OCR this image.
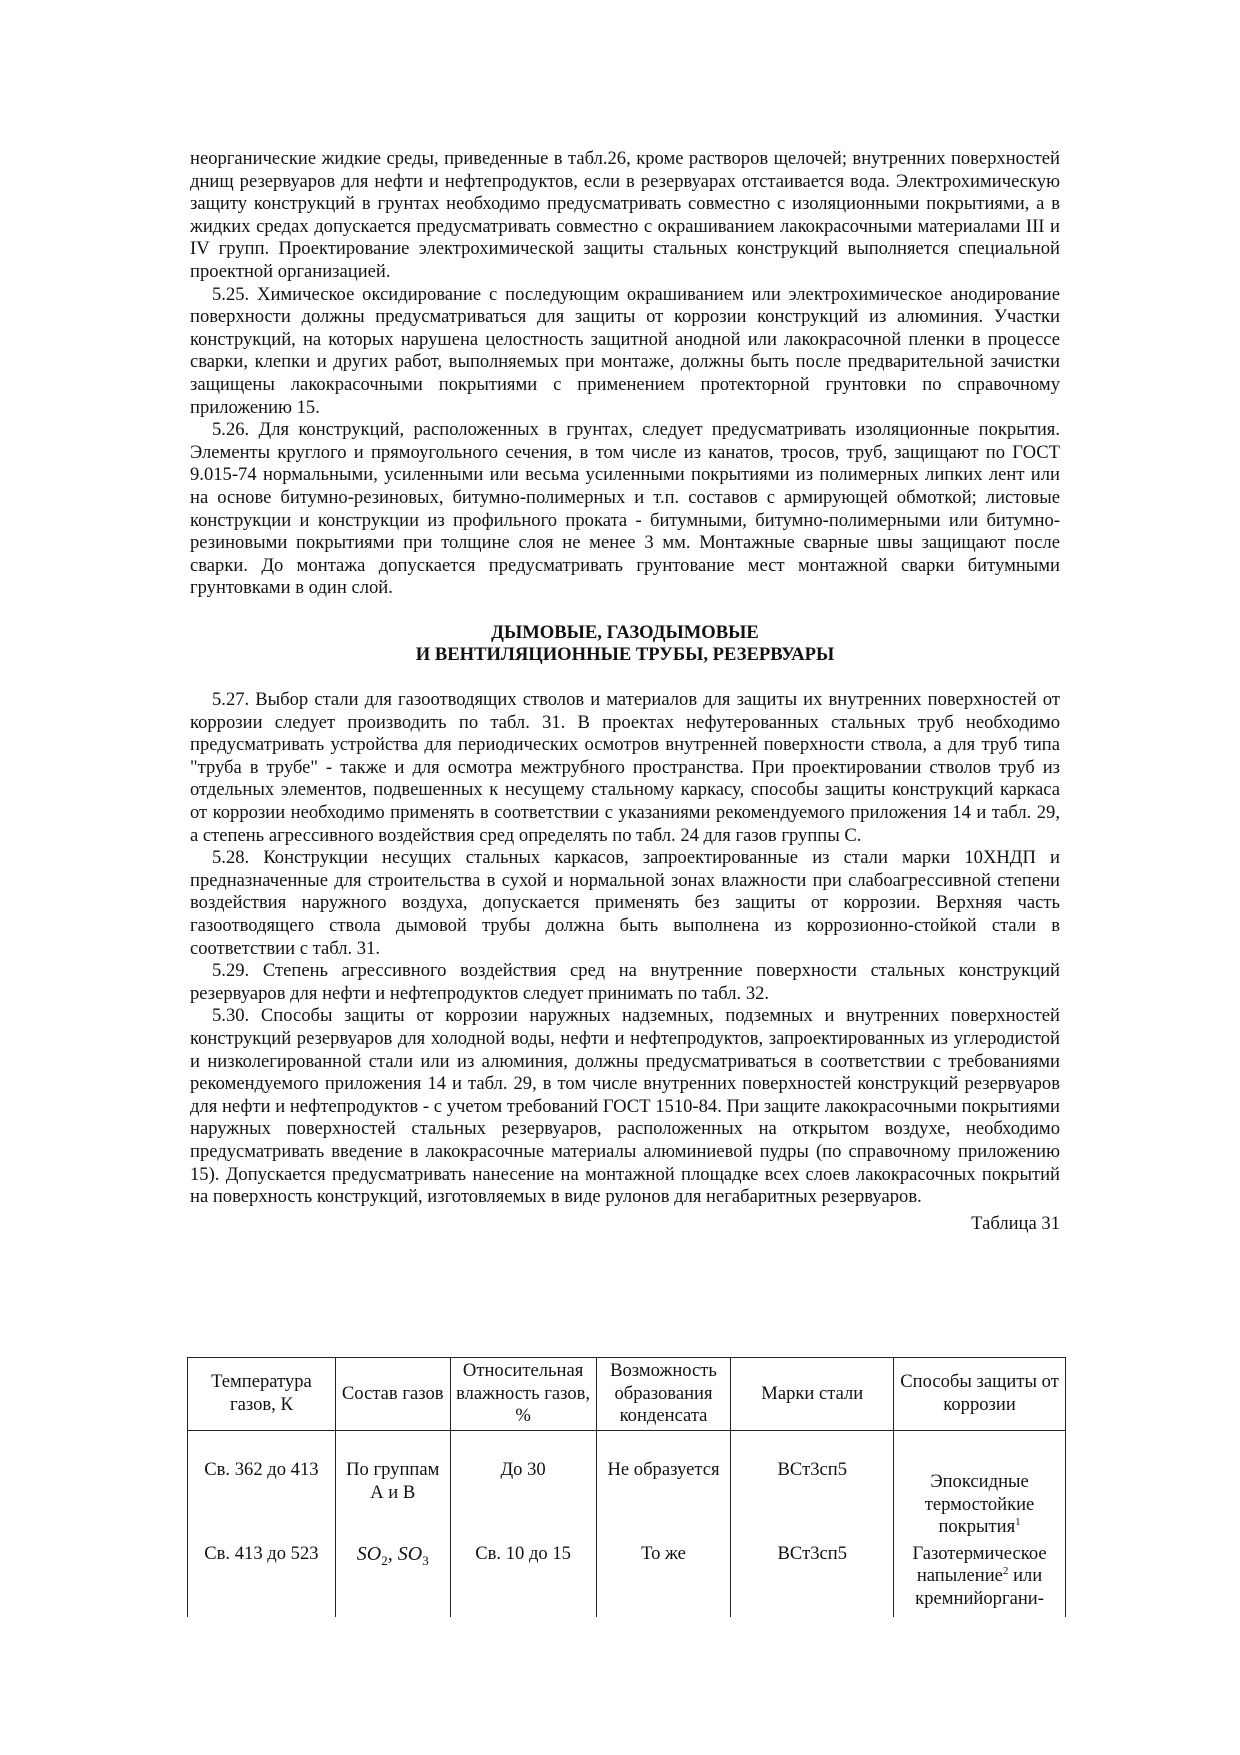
неорганические жидкие среды, приведенные в табл.26, кроме растворов щелочей; внутренних поверхностей днищ резервуаров для нефти и нефтепродуктов, если в резервуарах отстаивается вода. Электрохимическую защиту конструкций в грунтах необходимо предусматривать совместно с изоляционными покрытиями, а в жидких средах допускается предусматривать совместно с окрашиванием лакокрасочными материалами III и IV групп. Проектирование электрохимической защиты стальных конструкций выполняется специальной проектной организацией.

5.25. Химическое оксидирование с последующим окрашиванием или электрохимическое анодирование поверхности должны предусматриваться для защиты от коррозии конструкций из алюминия. Участки конструкций, на которых нарушена целостность защитной анодной или лакокрасочной пленки в процессе сварки, клепки и других работ, выполняемых при монтаже, должны быть после предварительной зачистки защищены лакокрасочными покрытиями с применением протекторной грунтовки по справочному приложению 15.

5.26. Для конструкций, расположенных в грунтах, следует предусматривать изоляционные покрытия. Элементы круглого и прямоугольного сечения, в том числе из канатов, тросов, труб, защищают по ГОСТ 9.015-74 нормальными, усиленными или весьма усиленными покрытиями из полимерных липких лент или на основе битумно-резиновых, битумно-полимерных и т.п. составов с армирующей обмоткой; листовые конструкции и конструкции из профильного проката - битумными, битумно-полимерными или битумно-резиновыми покрытиями при толщине слоя не менее 3 мм. Монтажные сварные швы защищают после сварки. До монтажа допускается предусматривать грунтование мест монтажной сварки битумными грунтовками в один слой.

ДЫМОВЫЕ, ГАЗОДЫМОВЫЕ
И ВЕНТИЛЯЦИОННЫЕ ТРУБЫ, РЕЗЕРВУАРЫ

5.27. Выбор стали для газоотводящих стволов и материалов для защиты их внутренних поверхностей от коррозии следует производить по табл. 31. В проектах нефутерованных стальных труб необходимо предусматривать устройства для периодических осмотров внутренней поверхности ствола, а для труб типа "труба в трубе" - также и для осмотра межтрубного пространства. При проектировании стволов труб из отдельных элементов, подвешенных к несущему стальному каркасу, способы защиты конструкций каркаса от коррозии необходимо применять в соответствии с указаниями рекомендуемого приложения 14 и табл. 29, а степень агрессивного воздействия сред определять по табл. 24 для газов группы С.

5.28. Конструкции несущих стальных каркасов, запроектированные из стали марки 10ХНДП и предназначенные для строительства в сухой и нормальной зонах влажности при слабоагрессивной степени воздействия наружного воздуха, допускается применять без защиты от коррозии. Верхняя часть газоотводящего ствола дымовой трубы должна быть выполнена из коррозионно-стойкой стали в соответствии с табл. 31.

5.29. Степень агрессивного воздействия сред на внутренние поверхности стальных конструкций резервуаров для нефти и нефтепродуктов следует принимать по табл. 32.

5.30. Способы защиты от коррозии наружных надземных, подземных и внутренних поверхностей конструкций резервуаров для холодной воды, нефти и нефтепродуктов, запроектированных из углеродистой и низколегированной стали или из алюминия, должны предусматриваться в соответствии с требованиями рекомендуемого приложения 14 и табл. 29, в том числе внутренних поверхностей конструкций резервуаров для нефти и нефтепродуктов - с учетом требований ГОСТ 1510-84. При защите лакокрасочными покрытиями наружных поверхностей стальных резервуаров, расположенных на открытом воздухе, необходимо предусматривать введение в лакокрасочные материалы алюминиевой пудры (по справочному приложению 15). Допускается предусматривать нанесение на монтажной площадке всех слоев лакокрасочных покрытий на поверхность конструкций, изготовляемых в виде рулонов для негабаритных резервуаров.

Таблица 31
Температура газов, К	Состав газов	Относительная влажность газов, %	Возможность образования конденсата	Марки стали	Способы защиты от коррозии
Св. 362 до 413	По группам А и В	До 30	Не образуется	ВСт3сп5	Эпоксидные термостойкие покрытия$^1$
Св. 413 до 523	$SO_2$, $SO_3$	Св. 10 до 15	То же	ВСт3сп5	Газотермическое напыление$^2$ или кремнийоргани-
